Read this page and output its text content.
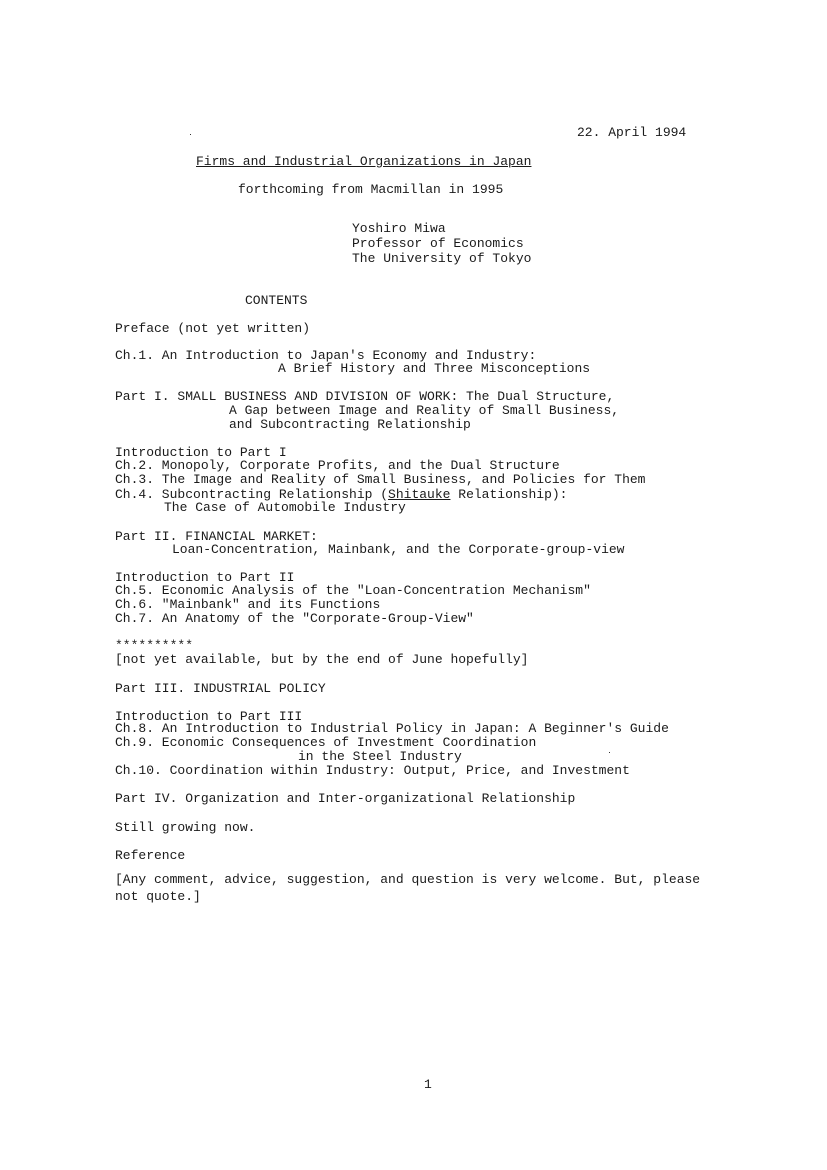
22. April 1994
Firms and Industrial Organizations in Japan
forthcoming from Macmillan in 1995
Yoshiro Miwa
Professor of Economics
The University of Tokyo
CONTENTS
Preface (not yet written)
Ch.1. An Introduction to Japan's Economy and Industry:
A Brief History and Three Misconceptions
Part I. SMALL BUSINESS AND DIVISION OF WORK: The Dual Structure,
A Gap between Image and Reality of Small Business,
and Subcontracting Relationship
Introduction to Part I
Ch.2. Monopoly, Corporate Profits, and the Dual Structure
Ch.3. The Image and Reality of Small Business, and Policies for Them
Ch.4. Subcontracting Relationship (Shitauke Relationship):
The Case of Automobile Industry
Part II. FINANCIAL MARKET:
Loan-Concentration, Mainbank, and the Corporate-group-view
Introduction to Part II
Ch.5. Economic Analysis of the "Loan-Concentration Mechanism"
Ch.6. "Mainbank" and its Functions
Ch.7. An Anatomy of the "Corporate-Group-View"
**********
[not yet available, but by the end of June hopefully]
Part III. INDUSTRIAL POLICY
Introduction to Part III
Ch.8. An Introduction to Industrial Policy in Japan: A Beginner's Guide
Ch.9. Economic Consequences of Investment Coordination
in the Steel Industry
Ch.10. Coordination within Industry: Output, Price, and Investment
Part IV. Organization and Inter-organizational Relationship
Still growing now.
Reference
[Any comment, advice, suggestion, and question is very welcome. But, please
not quote.]
1
